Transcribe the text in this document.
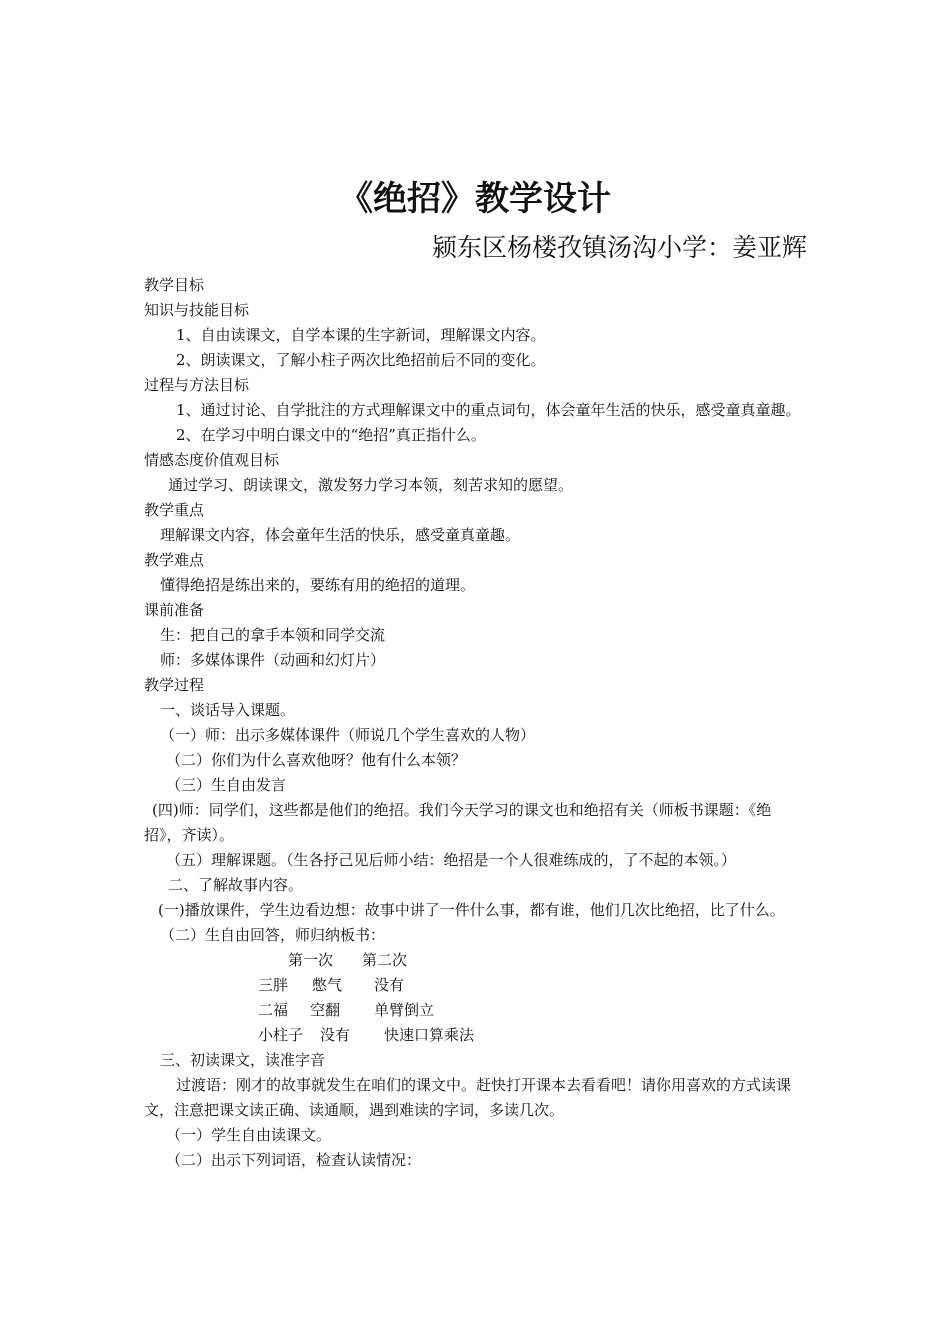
《绝招》教学设计
颍东区杨楼孜镇汤沟小学：姜亚辉
教学目标
知识与技能目标
1、自由读课文，自学本课的生字新词，理解课文内容。
2、朗读课文，了解小柱子两次比绝招前后不同的变化。
过程与方法目标
1、通过讨论、自学批注的方式理解课文中的重点词句，体会童年生活的快乐，感受童真童趣。
2、在学习中明白课文中的“绝招”真正指什么。
情感态度价值观目标
通过学习、朗读课文，激发努力学习本领，刻苦求知的愿望。
教学重点
理解课文内容，体会童年生活的快乐，感受童真童趣。
教学难点
懂得绝招是练出来的，要练有用的绝招的道理。
课前准备
生：把自己的拿手本领和同学交流
师：多媒体课件（动画和幻灯片）
教学过程
一、谈话导入课题。
（一）师：出示多媒体课件（师说几个学生喜欢的人物）
（二）你们为什么喜欢他呀？他有什么本领？
（三）生自由发言
(四)师：同学们，这些都是他们的绝招。我们今天学习的课文也和绝招有关（师板书课题：《绝招》，齐读）。
（五）理解课题。（生各抒己见后师小结：绝招是一个人很难练成的，了不起的本领。）
二、了解故事内容。
(一)播放课件，学生边看边想：故事中讲了一件什么事，都有谁，他们几次比绝招，比了什么。
（二）生自由回答，师归纳板书：
第一次 第二次
三胖 憋气 没有
二福 空翻 单臂倒立
小柱子 没有 快速口算乘法
三、初读课文，读准字音
过渡语：刚才的故事就发生在咱们的课文中。赶快打开课本去看看吧！请你用喜欢的方式读课文，注意把课文读正确、读通顺，遇到难读的字词，多读几次。
（一）学生自由读课文。
（二）出示下列词语，检查认读情况：
